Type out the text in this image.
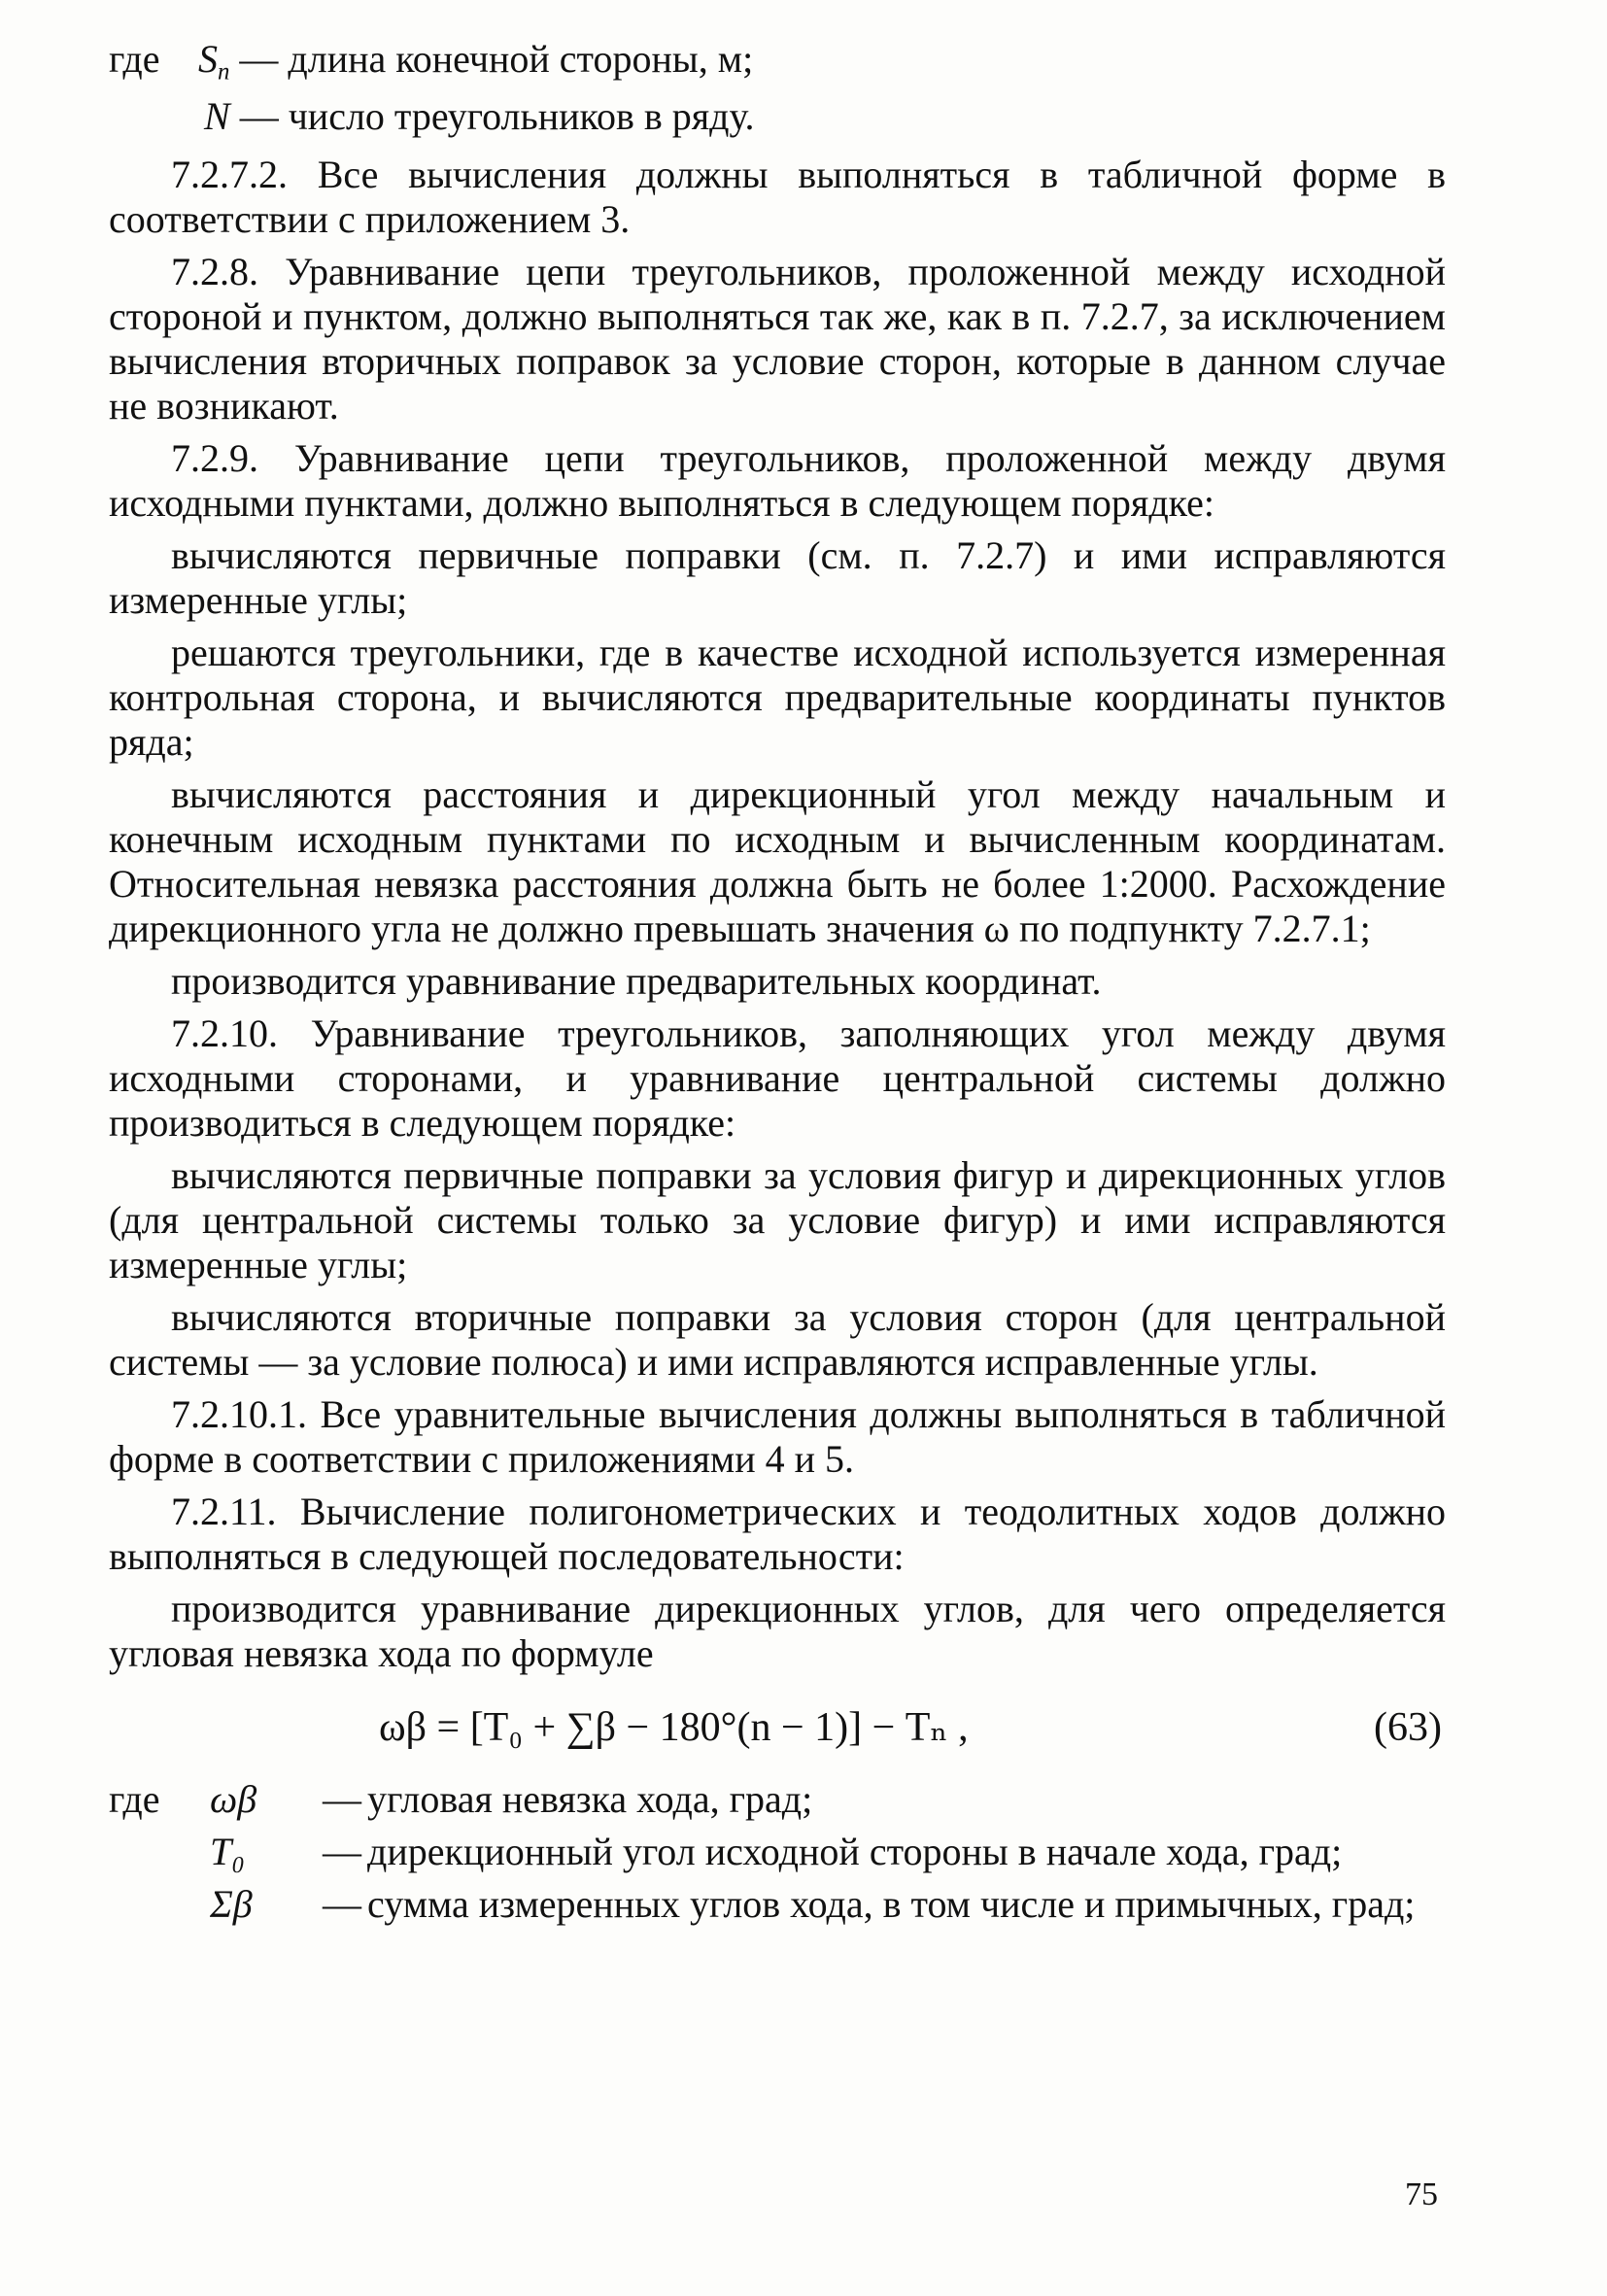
где $S_n$ — длина конечной стороны, м;
N — число треугольников в ряду.

7.2.7.2. Все вычисления должны выполняться в табличной форме в соответствии с приложением 3.

7.2.8. Уравнивание цепи треугольников, проложенной между исходной стороной и пунктом, должно выполняться так же, как в п. 7.2.7, за исключением вычисления вторичных поправок за условие сторон, которые в данном случае не возникают.

7.2.9. Уравнивание цепи треугольников, проложенной между двумя исходными пунктами, должно выполняться в следующем порядке:

вычисляются первичные поправки (см. п. 7.2.7) и ими исправляются измеренные углы;

решаются треугольники, где в качестве исходной используется измеренная контрольная сторона, и вычисляются предварительные координаты пунктов ряда;

вычисляются расстояния и дирекционный угол между начальным и конечным исходным пунктами по исходным и вычисленным координатам. Относительная невязка расстояния должна быть не более 1:2000. Расхождение дирекционного угла не должно превышать значения ω по подпункту 7.2.7.1;

производится уравнивание предварительных координат.

7.2.10. Уравнивание треугольников, заполняющих угол между двумя исходными сторонами, и уравнивание центральной системы должно производиться в следующем порядке:

вычисляются первичные поправки за условия фигур и дирекционных углов (для центральной системы только за условие фигур) и ими исправляются измеренные углы;

вычисляются вторичные поправки за условия сторон (для центральной системы — за условие полюса) и ими исправляются исправленные углы.

7.2.10.1. Все уравнительные вычисления должны выполняться в табличной форме в соответствии с приложениями 4 и 5.

7.2.11. Вычисление полигонометрических и теодолитных ходов должно выполняться в следующей последовательности:

производится уравнивание дирекционных углов, для чего определяется угловая невязка хода по формуле

ωβ = [T₀ + ∑β − 180°(n − 1)] − Tₙ ,	(63)
где	ωβ	— угловая невязка хода, град;
T₀	— дирекционный угол исходной стороны в начале хода, град;
Σβ	— сумма измеренных углов хода, в том числе и примычных, град;
75
